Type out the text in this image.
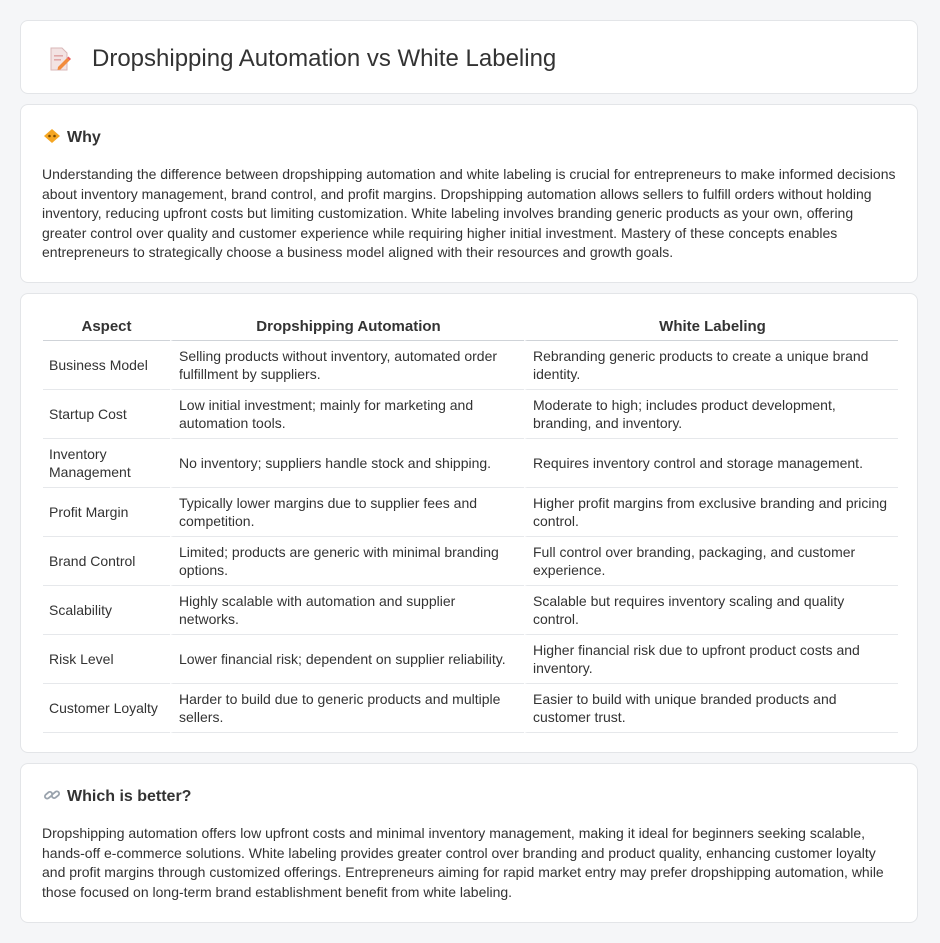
Dropshipping Automation vs White Labeling
Why

Understanding the difference between dropshipping automation and white labeling is crucial for entrepreneurs to make informed decisions about inventory management, brand control, and profit margins. Dropshipping automation allows sellers to fulfill orders without holding inventory, reducing upfront costs but limiting customization. White labeling involves branding generic products as your own, offering greater control over quality and customer experience while requiring higher initial investment. Mastery of these concepts enables entrepreneurs to strategically choose a business model aligned with their resources and growth goals.

Aspect	Dropshipping Automation	White Labeling
Business Model	Selling products without inventory, automated order fulfillment by suppliers.	Rebranding generic products to create a unique brand identity.
Startup Cost	Low initial investment; mainly for marketing and automation tools.	Moderate to high; includes product development, branding, and inventory.
Inventory Management	No inventory; suppliers handle stock and shipping.	Requires inventory control and storage management.
Profit Margin	Typically lower margins due to supplier fees and competition.	Higher profit margins from exclusive branding and pricing control.
Brand Control	Limited; products are generic with minimal branding options.	Full control over branding, packaging, and customer experience.
Scalability	Highly scalable with automation and supplier networks.	Scalable but requires inventory scaling and quality control.
Risk Level	Lower financial risk; dependent on supplier reliability.	Higher financial risk due to upfront product costs and inventory.
Customer Loyalty	Harder to build due to generic products and multiple sellers.	Easier to build with unique branded products and customer trust.
Which is better?

Dropshipping automation offers low upfront costs and minimal inventory management, making it ideal for beginners seeking scalable, hands-off e-commerce solutions. White labeling provides greater control over branding and product quality, enhancing customer loyalty and profit margins through customized offerings. Entrepreneurs aiming for rapid market entry may prefer dropshipping automation, while those focused on long-term brand establishment benefit from white labeling.
